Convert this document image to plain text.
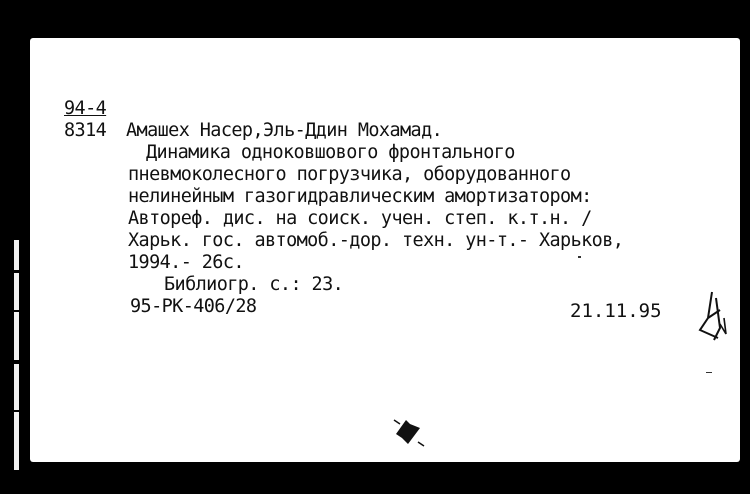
94-4
8314 Амашех Насер,Эль-Ддин Мохамад.
Динамика одноковшового фронтального
пневмоколесного погрузчика, оборудованного
нелинейным газогидравлическим амортизатором:
Автореф. дис. на соиск. учен. степ. к.т.н. /
Харьк. гос. автомоб.-дор. техн. ун-т.- Харьков,
1994.- 26с.
Библиогр. с.: 23.
95-РК-406/28	21.11.95
